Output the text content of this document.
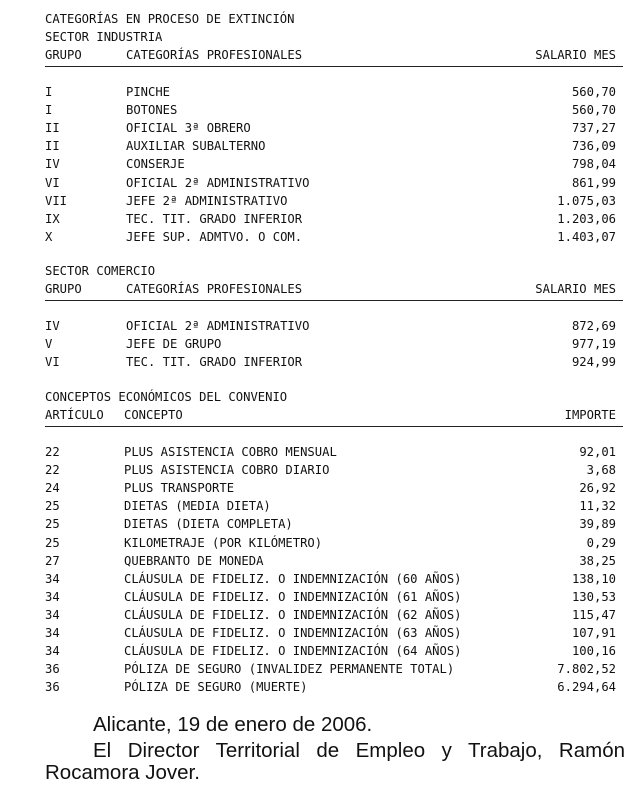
CATEGORÍAS EN PROCESO DE EXTINCIÓN
SECTOR INDUSTRIA
GRUPO	CATEGORÍAS PROFESIONALES	SALARIO MES
I	PINCHE	560,70
I	BOTONES	560,70
II	OFICIAL 3ª OBRERO	737,27
II	AUXILIAR SUBALTERNO	736,09
IV	CONSERJE	798,04
VI	OFICIAL 2ª ADMINISTRATIVO	861,99
VII	JEFE 2ª ADMINISTRATIVO	1.075,03
IX	TEC. TIT. GRADO INFERIOR	1.203,06
X	JEFE SUP. ADMTVO. O COM.	1.403,07
SECTOR COMERCIO
GRUPO	CATEGORÍAS PROFESIONALES	SALARIO MES
IV	OFICIAL 2ª ADMINISTRATIVO	872,69
V	JEFE DE GRUPO	977,19
VI	TEC. TIT. GRADO INFERIOR	924,99
CONCEPTOS ECONÓMICOS DEL CONVENIO
ARTÍCULO CONCEPTO	IMPORTE
22	PLUS ASISTENCIA COBRO MENSUAL	92,01
22	PLUS ASISTENCIA COBRO DIARIO	3,68
24	PLUS TRANSPORTE	26,92
25	DIETAS (MEDIA DIETA)	11,32
25	DIETAS (DIETA COMPLETA)	39,89
25	KILOMETRAJE (POR KILÓMETRO)	0,29
27	QUEBRANTO DE MONEDA	38,25
34	CLÁUSULA DE FIDELIZ. O INDEMNIZACIÓN (60 AÑOS)	138,10
34	CLÁUSULA DE FIDELIZ. O INDEMNIZACIÓN (61 AÑOS)	130,53
34	CLÁUSULA DE FIDELIZ. O INDEMNIZACIÓN (62 AÑOS)	115,47
34	CLÁUSULA DE FIDELIZ. O INDEMNIZACIÓN (63 AÑOS)	107,91
34	CLÁUSULA DE FIDELIZ. O INDEMNIZACIÓN (64 AÑOS)	100,16
36	PÓLIZA DE SEGURO (INVALIDEZ PERMANENTE TOTAL)	7.802,52
36	PÓLIZA DE SEGURO (MUERTE)	6.294,64
Alicante, 19 de enero de 2006.
El Director Territorial de Empleo y Trabajo, Ramón Rocamora Jover.
